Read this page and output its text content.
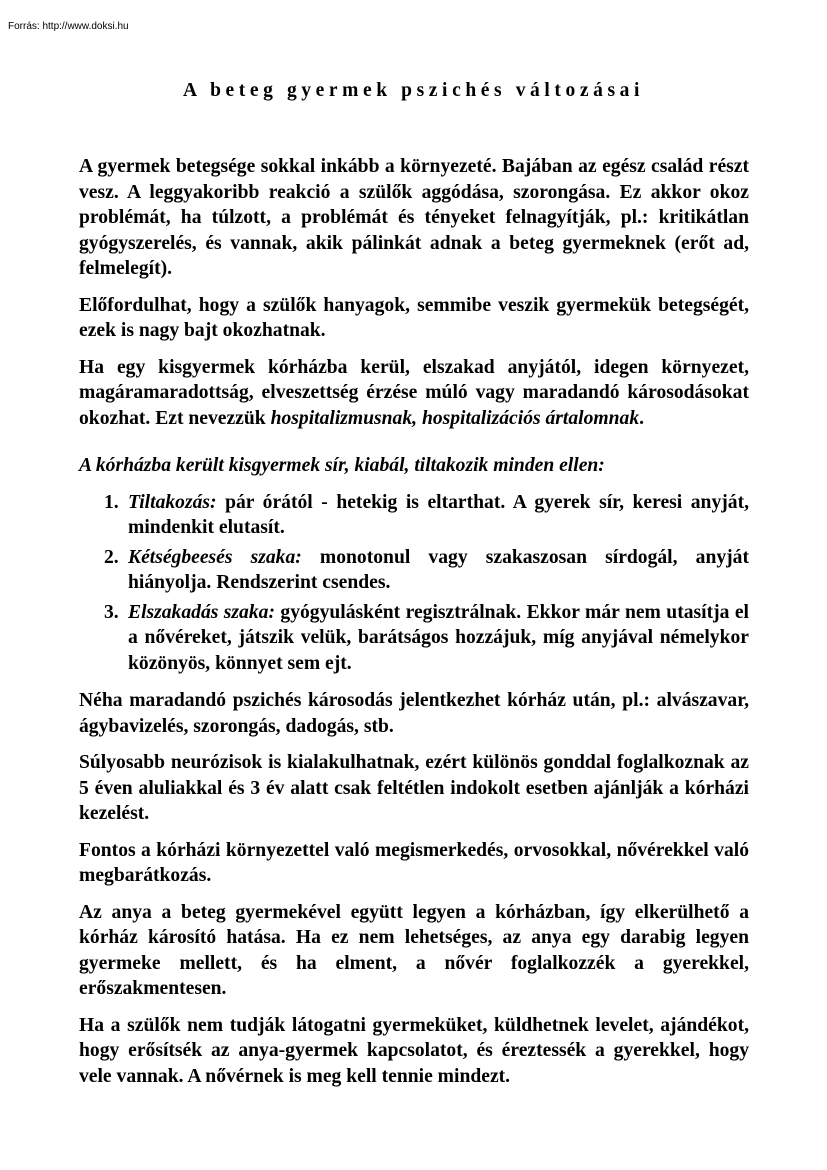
Forrás: http://www.doksi.hu
A beteg gyermek pszichés változásai

A gyermek betegsége sokkal inkább a környezeté. Bajában az egész család részt vesz. A leggyakoribb reakció a szülők aggódása, szorongása. Ez akkor okoz problémát, ha túlzott, a problémát és tényeket felnagyítják, pl.: kritikátlan gyógyszerelés, és vannak, akik pálinkát adnak a beteg gyermeknek (erőt ad, felmelegít).

Előfordulhat, hogy a szülők hanyagok, semmibe veszik gyermekük betegségét, ezek is nagy bajt okozhatnak.

Ha egy kisgyermek kórházba kerül, elszakad anyjától, idegen környezet, magáramaradottság, elveszettség érzése múló vagy maradandó károsodásokat okozhat. Ezt nevezzük hospitalizmusnak, hospitalizációs ártalomnak.

A kórházba került kisgyermek sír, kiabál, tiltakozik minden ellen:

1. Tiltakozás: pár órától - hetekig is eltarthat. A gyerek sír, keresi anyját, mindenkit elutasít.
2. Kétségbeesés szaka: monotonul vagy szakaszosan sírdogál, anyját hiányolja. Rendszerint csendes.
3. Elszakadás szaka: gyógyulásként regisztrálnak. Ekkor már nem utasítja el a nővéreket, játszik velük, barátságos hozzájuk, míg anyjával némelykor közönyös, könnyet sem ejt.

Néha maradandó pszichés károsodás jelentkezhet kórház után, pl.: alvászavar, ágybavizelés, szorongás, dadogás, stb.

Súlyosabb neurózisok is kialakulhatnak, ezért különös gonddal foglalkoznak az 5 éven aluliakkal és 3 év alatt csak feltétlen indokolt esetben ajánlják a kórházi kezelést.

Fontos a kórházi környezettel való megismerkedés, orvosokkal, nővérekkel való megbarátkozás.

Az anya a beteg gyermekével együtt legyen a kórházban, így elkerülhető a kórház károsító hatása. Ha ez nem lehetséges, az anya egy darabig legyen gyermeke mellett, és ha elment, a nővér foglalkozzék a gyerekkel, erőszakmentesen.

Ha a szülők nem tudják látogatni gyermeküket, küldhetnek levelet, ajándékot, hogy erősítsék az anya-gyermek kapcsolatot, és éreztessék a gyerekkel, hogy vele vannak. A nővérnek is meg kell tennie mindezt.
